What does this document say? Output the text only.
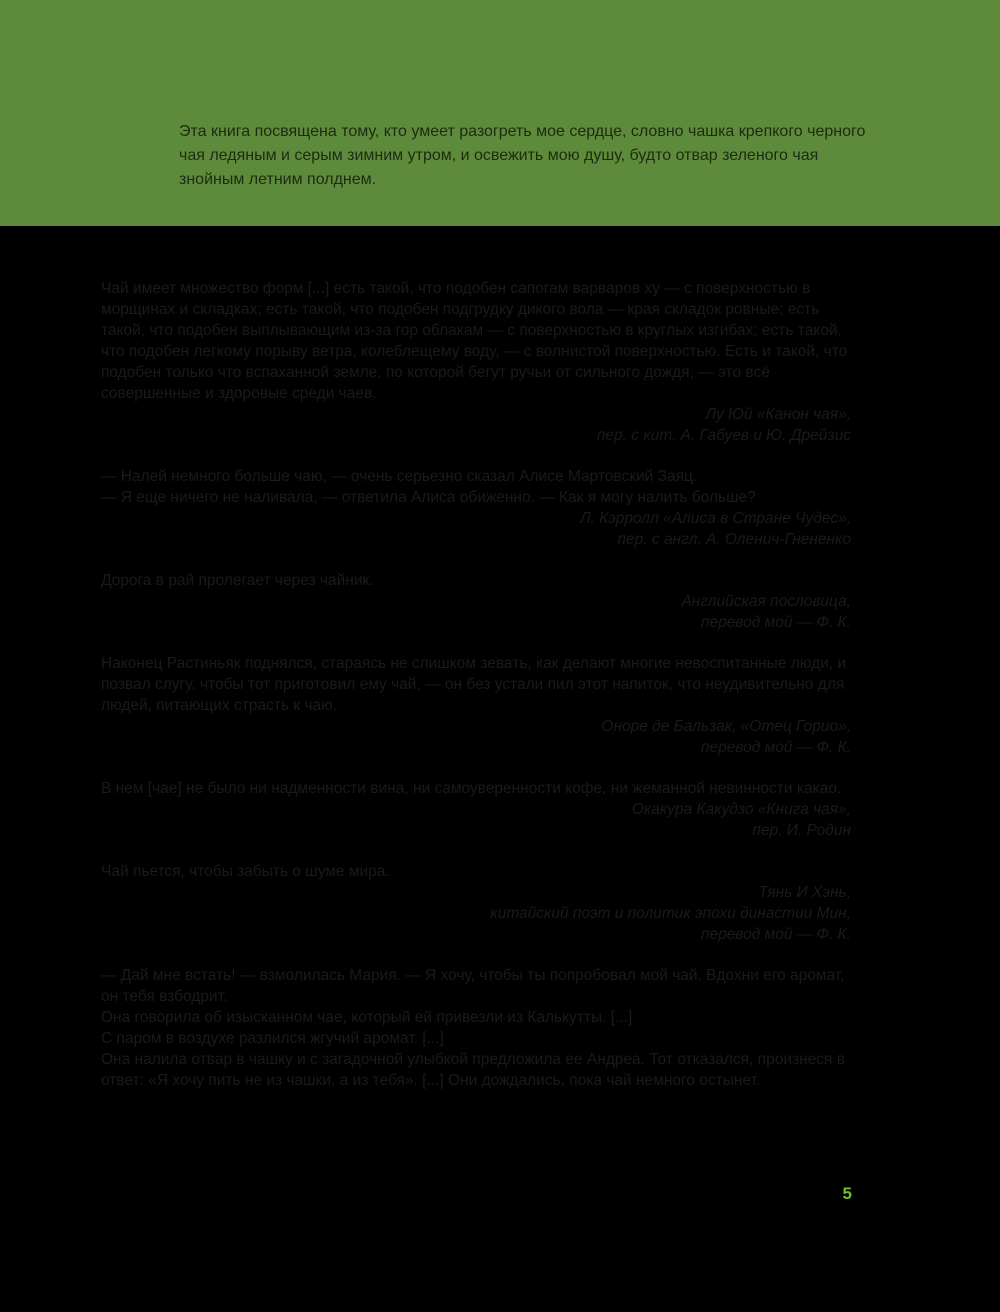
Эта книга посвящена тому, кто умеет разогреть мое сердце, словно чашка крепкого черного чая ледяным и серым зимним утром, и освежить мою душу, будто отвар зеленого чая знойным летним полднем.

Чай имеет множество форм [...] есть такой, что подобен сапогам варваров ху — с поверхностью в морщинах и складках; есть такой, что подобен подгрудку дикого вола — края складок ровные; есть такой, что подобен выплывающим из-за гор облакам — с поверхностью в круглых изгибах; есть такой, что подобен легкому порыву ветра, колеблещему воду, — с волнистой поверхностью. Есть и такой, что подобен только что вспаханной земле, по которой бегут ручьи от сильного дождя, — это всё совершенные и здоровые среди чаев.

Лу Юй «Канон чая»,

пер. с кит. А. Габуев и Ю. Дрейзис

— Налей немного больше чаю, — очень серьезно сказал Алисе Мартовский Заяц.

— Я еще ничего не наливала, — ответила Алиса обиженно. — Как я могу налить больше?

Л. Кэрролл «Алиса в Стране Чудес»,

пер. с англ. А. Оленич-Гнененко

Дорога в рай пролегает через чайник.

Английская пословица,

перевод мой — Ф. К.

Наконец Растиньяк поднялся, стараясь не слишком зевать, как делают многие невоспитанные люди, и позвал слугу, чтобы тот приготовил ему чай, — он без устали пил этот напиток, что неудивительно для людей, питающих страсть к чаю.

Оноре де Бальзак, «Отец Горио»,

перевод мой — Ф. К.

В нем [чае] не было ни надменности вина, ни самоуверенности кофе, ни жеманной невинности какао.

Окакура Какудзо «Книга чая»,

пер. И. Родин

Чай пьется, чтобы забыть о шуме мира.

Тянь И Хэнь,

китайский поэт и политик эпохи династии Мин,

перевод мой — Ф. К.

— Дай мне встать! — взмолилась Мария. — Я хочу, чтобы ты попробовал мой чай. Вдохни его аромат, он тебя взбодрит.

Она говорила об изысканном чае, который ей привезли из Калькутты. [...]

С паром в воздухе разлился жгучий аромат. [...]

Она налила отвар в чашку и с загадочной улыбкой предложила ее Андреа. Тот отказался, произнеся в ответ: «Я хочу пить не из чашки, а из тебя». [...] Они дождались, пока чай немного остынет.

5
